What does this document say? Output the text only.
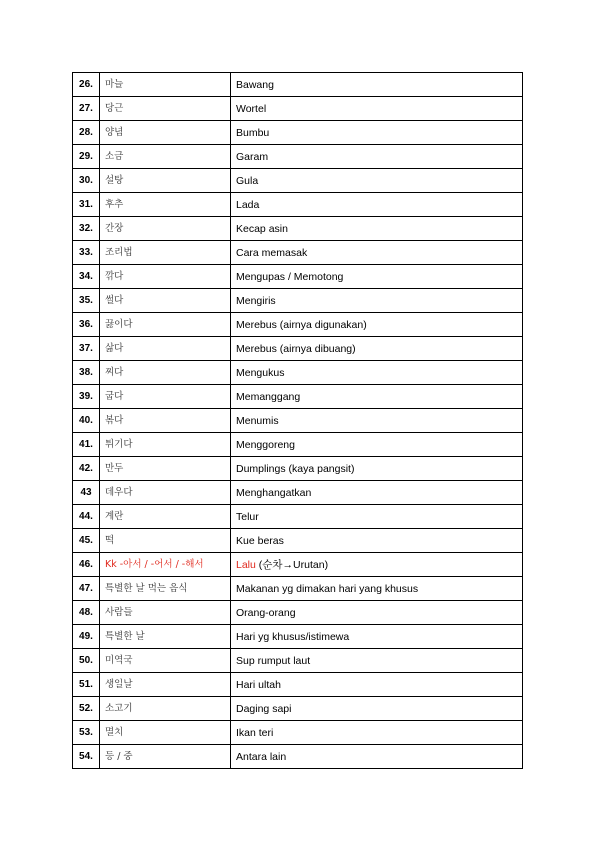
26.	마늘	Bawang
27.	당근	Wortel
28.	양념	Bumbu
29.	소금	Garam
30.	설탕	Gula
31.	후추	Lada
32.	간장	Kecap asin
33.	조리법	Cara memasak
34.	깎다	Mengupas / Memotong
35.	썰다	Mengiris
36.	끓이다	Merebus (airnya digunakan)
37.	삶다	Merebus (airnya dibuang)
38.	찌다	Mengukus
39.	굽다	Memanggang
40.	볶다	Menumis
41.	튀기다	Menggoreng
42.	만두	Dumplings (kaya pangsit)
43	데우다	Menghangatkan
44.	계란	Telur
45.	떡	Kue beras
46.	Kk -아서 / -어서 / -해서	Lalu (순차→Urutan)
47.	특별한 날 먹는 음식	Makanan yg dimakan hari yang khusus
48.	사람들	Orang-orang
49.	특별한 날	Hari yg khusus/istimewa
50.	미역국	Sup rumput laut
51.	생일날	Hari ultah
52.	소고기	Daging sapi
53.	멸치	Ikan teri
54.	등 / 중	Antara lain
